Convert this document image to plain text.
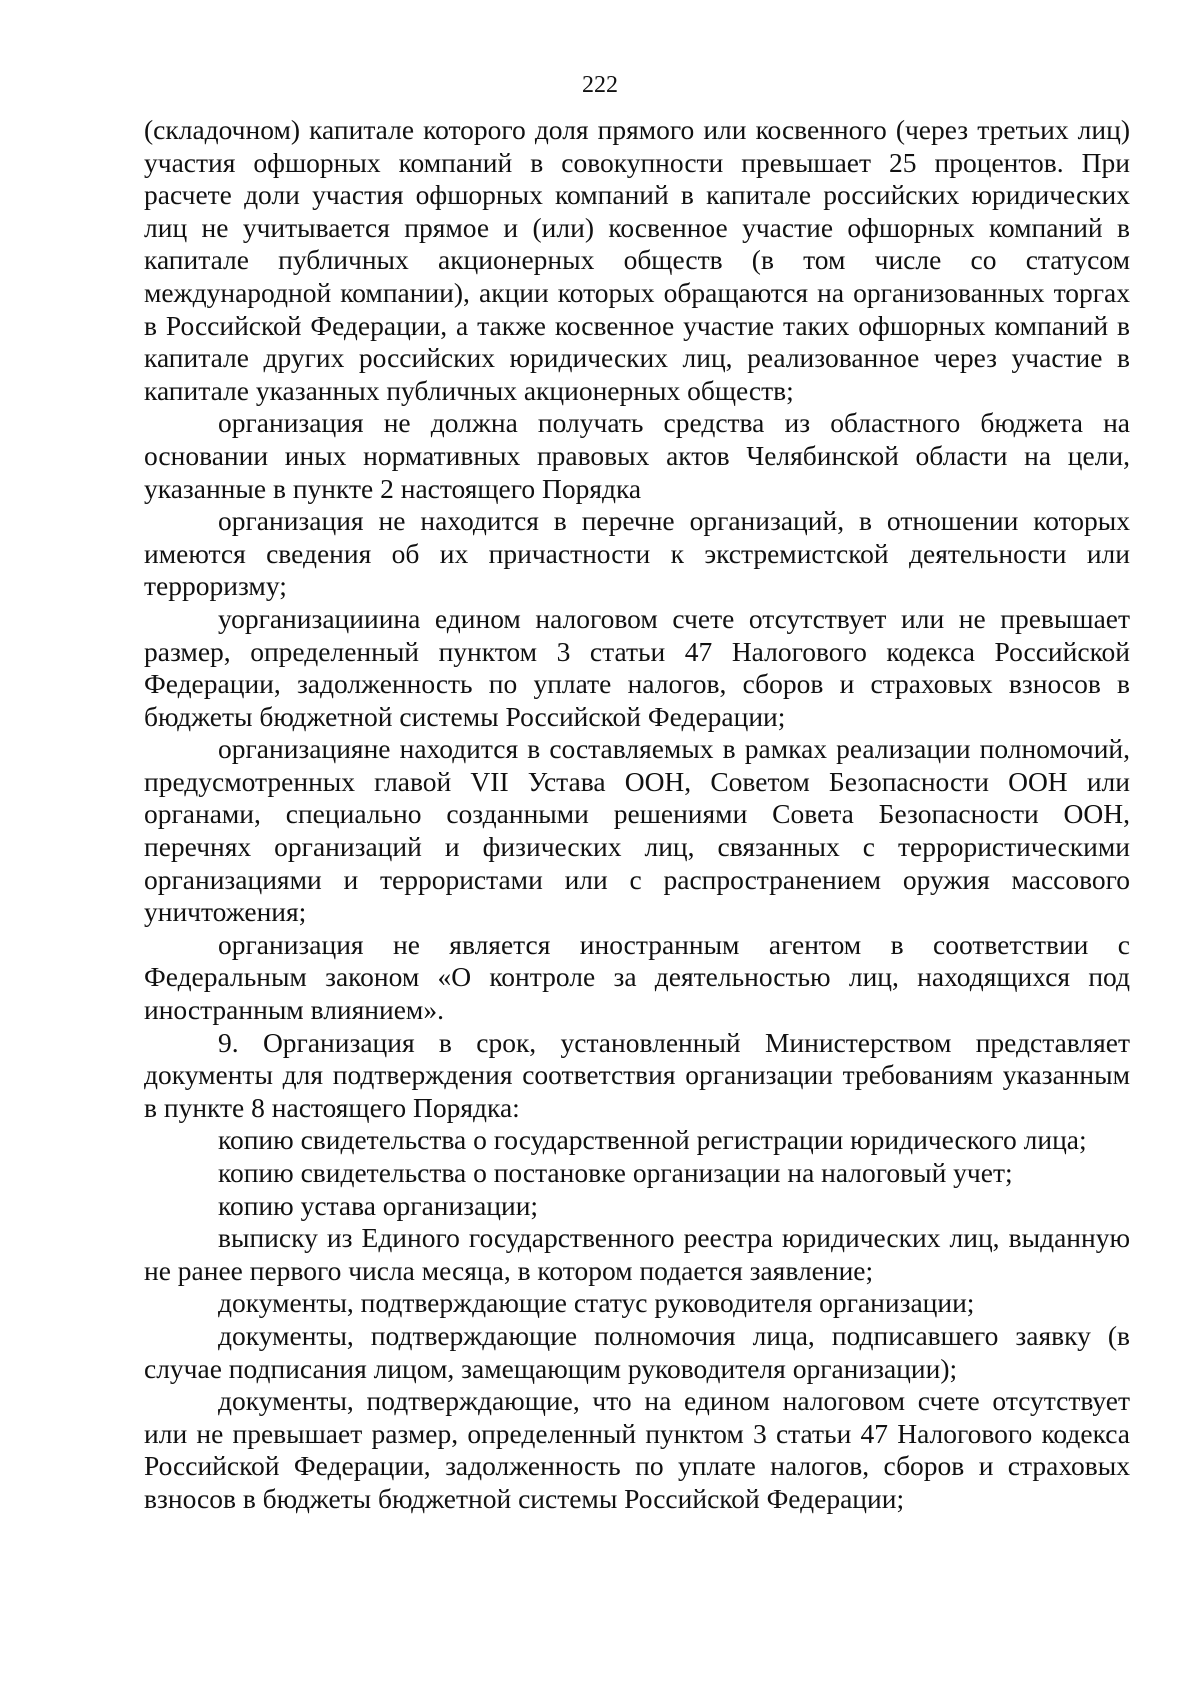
222

(складочном) капитале которого доля прямого или косвенного (через третьих лиц) участия офшорных компаний в совокупности превышает 25 процентов. При расчете доли участия офшорных компаний в капитале российских юридических лиц не учитывается прямое и (или) косвенное участие офшорных компаний в капитале публичных акционерных обществ (в том числе со статусом международной компании), акции которых обращаются на организованных торгах в Российской Федерации, а также косвенное участие таких офшорных компаний в капитале других российских юридических лиц, реализованное через участие в капитале указанных публичных акционерных обществ;

организация не должна получать средства из областного бюджета на основании иных нормативных правовых актов Челябинской области на цели, указанные в пункте 2 настоящего Порядка

организация не находится в перечне организаций, в отношении которых имеются сведения об их причастности к экстремистской деятельности или терроризму;

уорганизацииина едином налоговом счете отсутствует или не превышает размер, определенный пунктом 3 статьи 47 Налогового кодекса Российской Федерации, задолженность по уплате налогов, сборов и страховых взносов в бюджеты бюджетной системы Российской Федерации;

организацияне находится в составляемых в рамках реализации полномочий, предусмотренных главой VII Устава ООН, Советом Безопасности ООН или органами, специально созданными решениями Совета Безопасности ООН, перечнях организаций и физических лиц, связанных с террористическими организациями и террористами или с распространением оружия массового уничтожения;

организация не является иностранным агентом в соответствии с Федеральным законом «О контроле за деятельностью лиц, находящихся под иностранным влиянием».

9. Организация в срок, установленный Министерством представляет документы для подтверждения соответствия организации требованиям указанным в пункте 8 настоящего Порядка:

копию свидетельства о государственной регистрации юридического лица;

копию свидетельства о постановке организации на налоговый учет;

копию устава организации;

выписку из Единого государственного реестра юридических лиц, выданную не ранее первого числа месяца, в котором подается заявление;

документы, подтверждающие статус руководителя организации;

документы, подтверждающие полномочия лица, подписавшего заявку (в случае подписания лицом, замещающим руководителя организации);

документы, подтверждающие, что на едином налоговом счете отсутствует или не превышает размер, определенный пунктом 3 статьи 47 Налогового кодекса Российской Федерации, задолженность по уплате налогов, сборов и страховых взносов в бюджеты бюджетной системы Российской Федерации;
